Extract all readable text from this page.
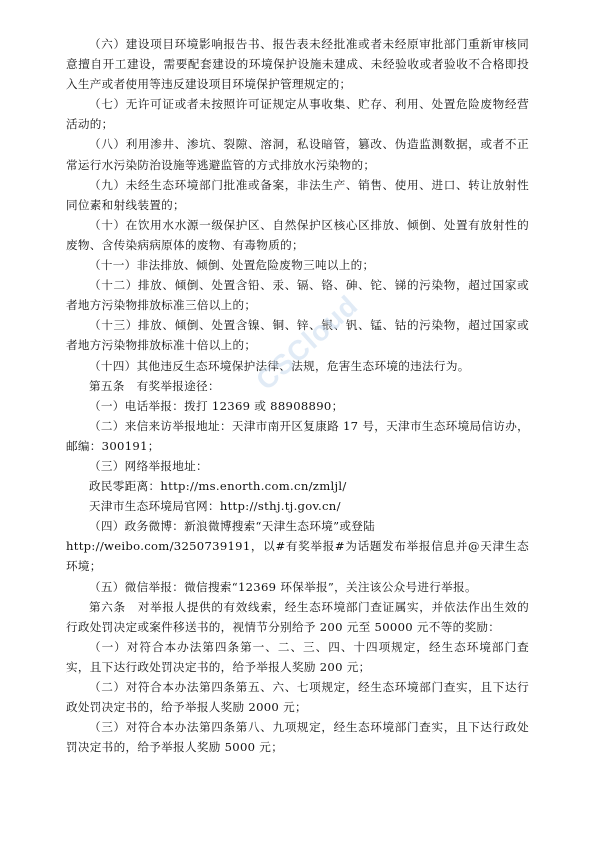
（六）建设项目环境影响报告书、报告表未经批准或者未经原审批部门重新审核同意擅自开工建设，需要配套建设的环境保护设施未建成、未经验收或者验收不合格即投入生产或者使用等违反建设项目环境保护管理规定的；

（七）无许可证或者未按照许可证规定从事收集、贮存、利用、处置危险废物经营活动的；

（八）利用渗井、渗坑、裂隙、溶洞，私设暗管，篡改、伪造监测数据，或者不正常运行水污染防治设施等逃避监管的方式排放水污染物的；

（九）未经生态环境部门批准或备案，非法生产、销售、使用、进口、转让放射性同位素和射线装置的；

（十）在饮用水水源一级保护区、自然保护区核心区排放、倾倒、处置有放射性的废物、含传染病病原体的废物、有毒物质的；

（十一）非法排放、倾倒、处置危险废物三吨以上的；

（十二）排放、倾倒、处置含铅、汞、镉、铬、砷、铊、锑的污染物，超过国家或者地方污染物排放标准三倍以上的；

（十三）排放、倾倒、处置含镍、铜、锌、银、钒、锰、钴的污染物，超过国家或者地方污染物排放标准十倍以上的；

（十四）其他违反生态环境保护法律、法规，危害生态环境的违法行为。

第五条　有奖举报途径：

（一）电话举报：拨打 12369 或 88908890；

（二）来信来访举报地址：天津市南开区复康路 17 号，天津市生态环境局信访办，邮编：300191；

（三）网络举报地址：

政民零距离：http://ms.enorth.com.cn/zmljl/

天津市生态环境局官网：http://sthj.tj.gov.cn/

（四）政务微博：新浪微博搜索“天津生态环境”或登陆

http://weibo.com/3250739191，以#有奖举报#为话题发布举报信息并@天津生态环境；

（五）微信举报：微信搜索“12369 环保举报”，关注该公众号进行举报。

第六条　对举报人提供的有效线索，经生态环境部门查证属实，并依法作出生效的行政处罚决定或案件移送书的，视情节分别给予 200 元至 50000 元不等的奖励：

（一）对符合本办法第四条第一、二、三、四、十四项规定，经生态环境部门查实，且下达行政处罚决定书的，给予举报人奖励 200 元；

（二）对符合本办法第四条第五、六、七项规定，经生态环境部门查实，且下达行政处罚决定书的，给予举报人奖励 2000 元；

（三）对符合本办法第四条第八、九项规定，经生态环境部门查实，且下达行政处罚决定书的，给予举报人奖励 5000 元；

CSCloud
